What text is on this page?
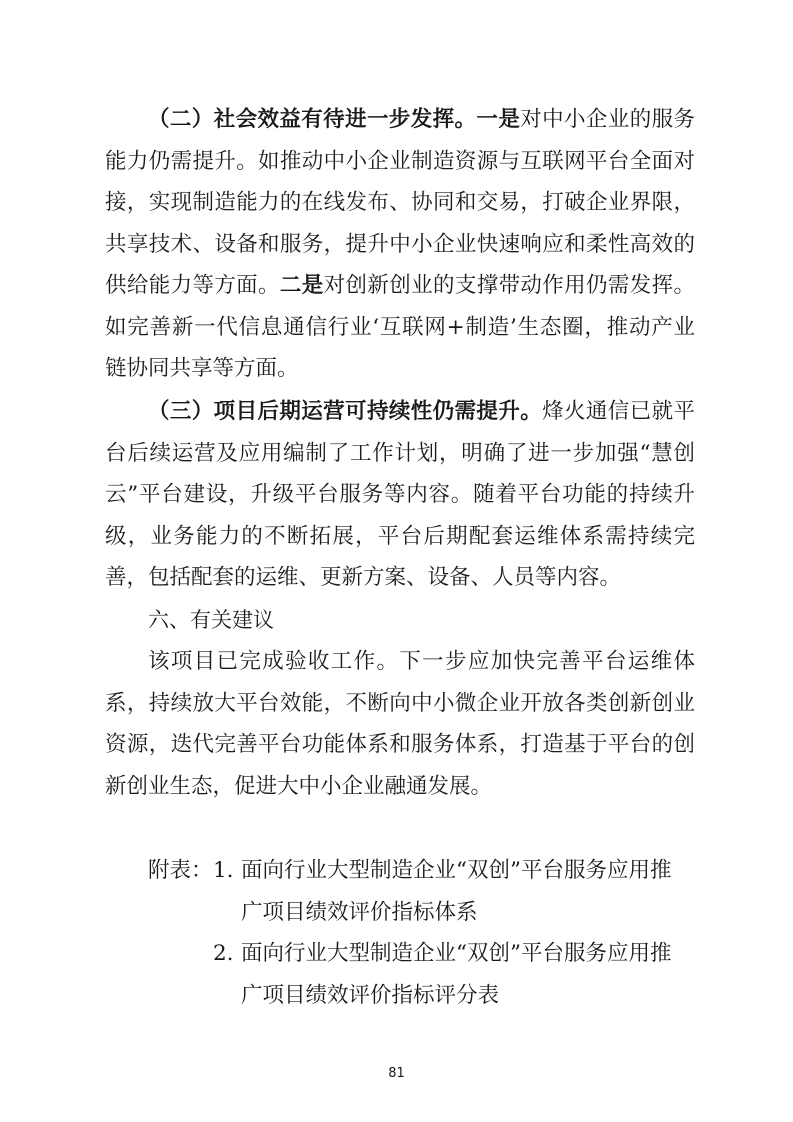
（二）社会效益有待进一步发挥。一是对中小企业的服务能力仍需提升。如推动中小企业制造资源与互联网平台全面对接，实现制造能力的在线发布、协同和交易，打破企业界限，共享技术、设备和服务，提升中小企业快速响应和柔性高效的供给能力等方面。二是对创新创业的支撑带动作用仍需发挥。如完善新一代信息通信行业‘互联网+制造’生态圈，推动产业链协同共享等方面。

（三）项目后期运营可持续性仍需提升。烽火通信已就平台后续运营及应用编制了工作计划，明确了进一步加强“慧创云”平台建设，升级平台服务等内容。随着平台功能的持续升级，业务能力的不断拓展，平台后期配套运维体系需持续完善，包括配套的运维、更新方案、设备、人员等内容。

六、有关建议

该项目已完成验收工作。下一步应加快完善平台运维体系，持续放大平台效能，不断向中小微企业开放各类创新创业资源，迭代完善平台功能体系和服务体系，打造基于平台的创新创业生态，促进大中小企业融通发展。

附表： 1. 面向行业大型制造企业“双创”平台服务应用推广项目绩效评价指标体系
2. 面向行业大型制造企业“双创”平台服务应用推广项目绩效评价指标评分表
81
